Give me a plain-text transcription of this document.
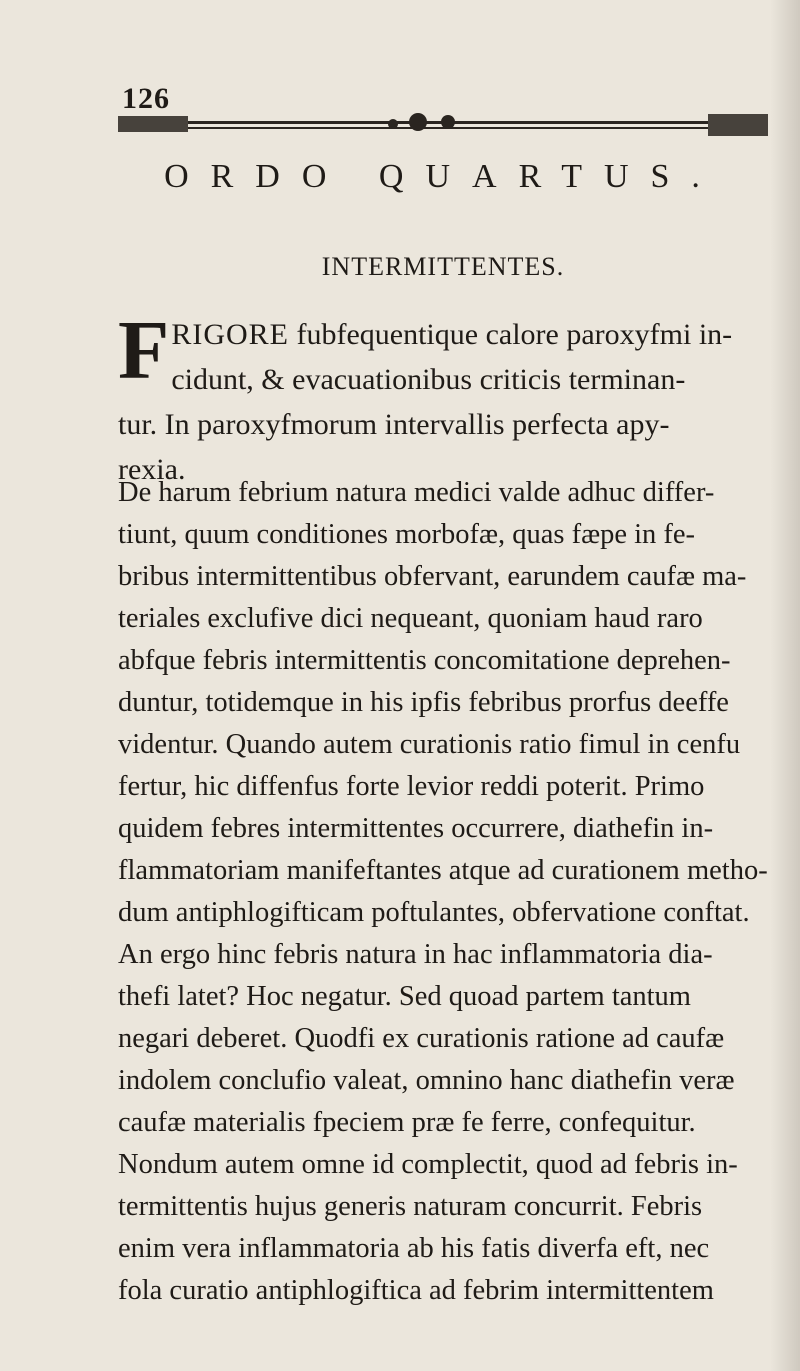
126
ORDO QUARTUS.
INTERMITTENTES.
F RIGORE fubfequentique calore paroxyfmi in-
cidunt, & evacuationibus criticis terminan-
tur. In paroxyfmorum intervallis perfecta apy-
rexia.
De harum febrium natura medici valde adhuc differ-
tiunt, quum conditiones morbofæ, quas fæpe in fe-
bribus intermittentibus obfervant, earundem caufæ ma-
teriales exclufive dici nequeant, quoniam haud raro
abfque febris intermittentis concomitatione deprehen-
duntur, totidemque in his ipfis febribus prorfus deeffe
videntur. Quando autem curationis ratio fimul in cenfu
fertur, hic diffenfus forte levior reddi poterit. Primo
quidem febres intermittentes occurrere, diathefin in-
flammatoriam manifeftantes atque ad curationem metho-
dum antiphlogifticam poftulantes, obfervatione conftat.
An ergo hinc febris natura in hac inflammatoria dia-
thefi latet? Hoc negatur. Sed quoad partem tantum
negari deberet. Quodfi ex curationis ratione ad caufæ
indolem conclufio valeat, omnino hanc diathefin veræ
caufæ materialis fpeciem præ fe ferre, confequitur.
Nondum autem omne id complectit, quod ad febris in-
termittentis hujus generis naturam concurrit. Febris
enim vera inflammatoria ab his fatis diverfa eft, nec
fola curatio antiphlogiftica ad febrim intermittentem
